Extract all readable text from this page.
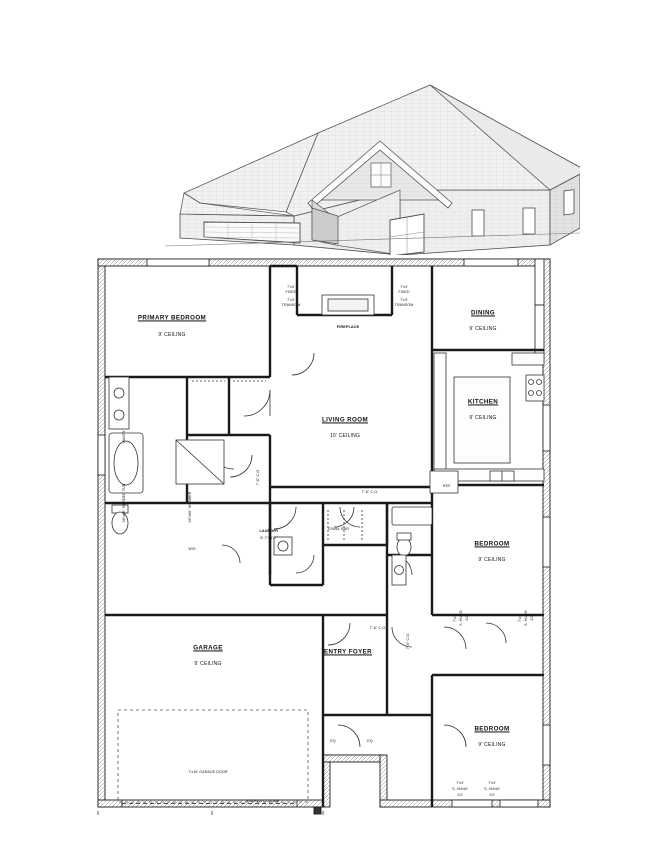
PRIMARY BEDROOM
9' CEILING
DINING
9' CEILING
KITCHEN
9' CEILING
LIVING ROOM
10' CEILING
BEDROOM
9' CEILING
BEDROOM
9' CEILING
GARAGE
9' CEILING
ENTRY FOYER
LAUNDRY
8'-7"x8'-7"
FIREPLACE
7'x3'
FIXED
7'x3'
TRANSOM
7'x3'
FIXED
7'x3'
TRANSOM
REF.
W/D
TOWEL BAR
7'-6" C.O.
7'-6" C.O.
7'-6" C.O.
7'-6" C.O.
36"x60" GARDEN TUB	36"x60" SHOWER
VANITY
7'x16' GARAGE DOOR
8X8 BOX COLUMN
EQ	EQ
7'x3'
S. HUNG
2/2
7'x3'
S. HUNG
2/2
7'x3' S. HUNG 2/2	7'x3' S. HUNG 2/2
